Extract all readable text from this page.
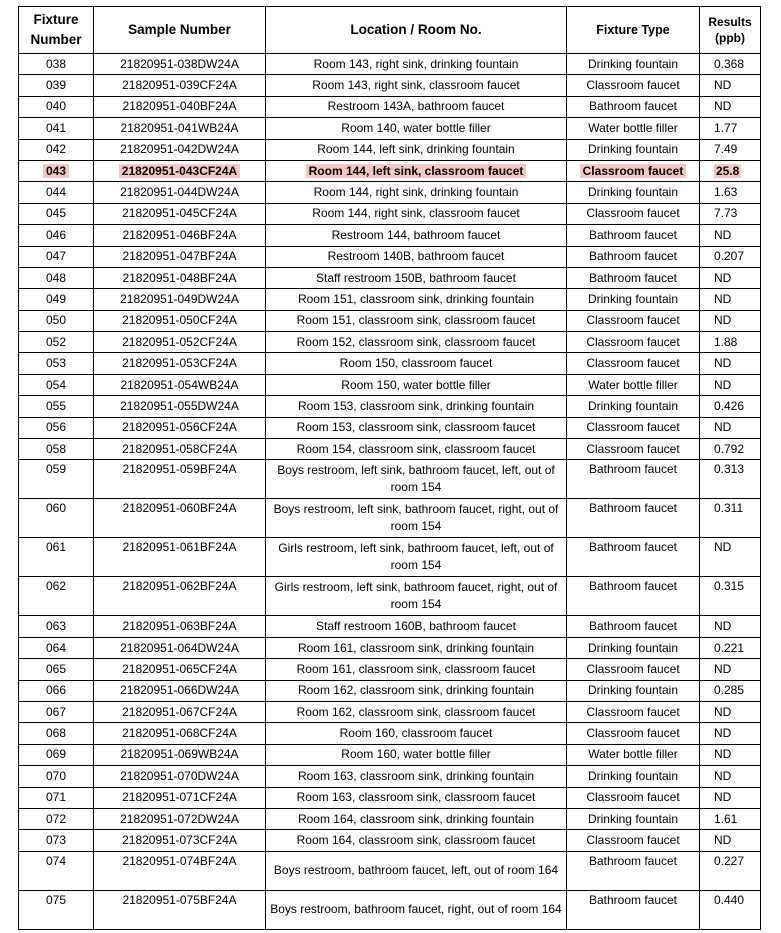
Fixture Number	Sample Number	Location / Room No.	Fixture Type	Results (ppb)
038	21820951-038DW24A	Room 143, right sink, drinking fountain	Drinking fountain	0.368
039	21820951-039CF24A	Room 143, right sink, classroom faucet	Classroom faucet	ND
040	21820951-040BF24A	Restroom 143A, bathroom faucet	Bathroom faucet	ND
041	21820951-041WB24A	Room 140, water bottle filler	Water bottle filler	1.77
042	21820951-042DW24A	Room 144, left sink, drinking fountain	Drinking fountain	7.49
043	21820951-043CF24A	Room 144, left sink, classroom faucet	Classroom faucet	25.8
044	21820951-044DW24A	Room 144, right sink, drinking fountain	Drinking fountain	1.63
045	21820951-045CF24A	Room 144, right sink, classroom faucet	Classroom faucet	7.73
046	21820951-046BF24A	Restroom 144, bathroom faucet	Bathroom faucet	ND
047	21820951-047BF24A	Restroom 140B, bathroom faucet	Bathroom faucet	0.207
048	21820951-048BF24A	Staff restroom 150B, bathroom faucet	Bathroom faucet	ND
049	21820951-049DW24A	Room 151, classroom sink, drinking fountain	Drinking fountain	ND
050	21820951-050CF24A	Room 151, classroom sink, classroom faucet	Classroom faucet	ND
052	21820951-052CF24A	Room 152, classroom sink, classroom faucet	Classroom faucet	1.88
053	21820951-053CF24A	Room 150, classroom faucet	Classroom faucet	ND
054	21820951-054WB24A	Room 150, water bottle filler	Water bottle filler	ND
055	21820951-055DW24A	Room 153, classroom sink, drinking fountain	Drinking fountain	0.426
056	21820951-056CF24A	Room 153, classroom sink, classroom faucet	Classroom faucet	ND
058	21820951-058CF24A	Room 154, classroom sink, classroom faucet	Classroom faucet	0.792
059	21820951-059BF24A	Boys restroom, left sink, bathroom faucet, left, out of room 154	Bathroom faucet	0.313
060	21820951-060BF24A	Boys restroom, left sink, bathroom faucet, right, out of room 154	Bathroom faucet	0.311
061	21820951-061BF24A	Girls restroom, left sink, bathroom faucet, left, out of room 154	Bathroom faucet	ND
062	21820951-062BF24A	Girls restroom, left sink, bathroom faucet, right, out of room 154	Bathroom faucet	0.315
063	21820951-063BF24A	Staff restroom 160B, bathroom faucet	Bathroom faucet	ND
064	21820951-064DW24A	Room 161, classroom sink, drinking fountain	Drinking fountain	0.221
065	21820951-065CF24A	Room 161, classroom sink, classroom faucet	Classroom faucet	ND
066	21820951-066DW24A	Room 162, classroom sink, drinking fountain	Drinking fountain	0.285
067	21820951-067CF24A	Room 162, classroom sink, classroom faucet	Classroom faucet	ND
068	21820951-068CF24A	Room 160, classroom faucet	Classroom faucet	ND
069	21820951-069WB24A	Room 160, water bottle filler	Water bottle filler	ND
070	21820951-070DW24A	Room 163, classroom sink, drinking fountain	Drinking fountain	ND
071	21820951-071CF24A	Room 163, classroom sink, classroom faucet	Classroom faucet	ND
072	21820951-072DW24A	Room 164, classroom sink, drinking fountain	Drinking fountain	1.61
073	21820951-073CF24A	Room 164, classroom sink, classroom faucet	Classroom faucet	ND
074	21820951-074BF24A	Boys restroom, bathroom faucet, left, out of room 164	Bathroom faucet	0.227
075	21820951-075BF24A	Boys restroom, bathroom faucet, right, out of room 164	Bathroom faucet	0.440
